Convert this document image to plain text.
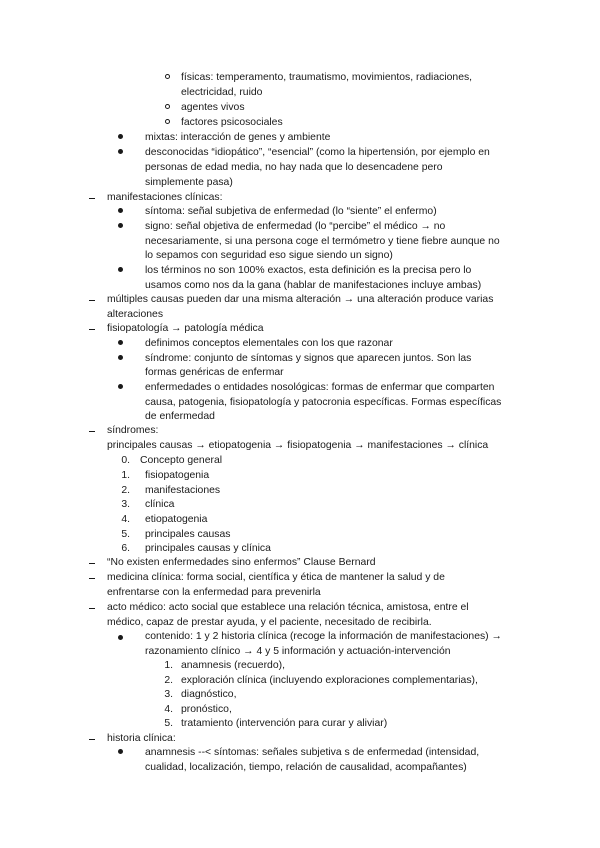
0.
1.
2.
3.
4.
5.
6.
1.
2.
3.
4.
5.
físicas: temperamento, traumatismo, movimientos, radiaciones,
electricidad, ruido
agentes vivos
factores psicosociales
mixtas: interacción de genes y ambiente
desconocidas “idiopático”, “esencial” (como la hipertensión, por ejemplo en
personas de edad media, no hay nada que lo desencadene pero
simplemente pasa)
manifestaciones clínicas:
síntoma: señal subjetiva de enfermedad (lo “siente” el enfermo)
signo: señal objetiva de enfermedad (lo “percibe” el médico → no
necesariamente, si una persona coge el termómetro y tiene fiebre aunque no
lo sepamos con seguridad eso sigue siendo un signo)
los términos no son 100% exactos, esta definición es la precisa pero lo
usamos como nos da la gana (hablar de manifestaciones incluye ambas)
múltiples causas pueden dar una misma alteración → una alteración produce varias
alteraciones
fisiopatología → patología médica
definimos conceptos elementales con los que razonar
síndrome: conjunto de síntomas y signos que aparecen juntos. Son las
formas genéricas de enfermar
enfermedades o entidades nosológicas: formas de enfermar que comparten
causa, patogenia, fisiopatología y patocronia específicas. Formas específicas
de enfermedad
síndromes:
principales causas → etiopatogenia → fisiopatogenia → manifestaciones → clínica
Concepto general
fisiopatogenia
manifestaciones
clínica
etiopatogenia
principales causas
principales causas y clínica
“No existen enfermedades sino enfermos” Clause Bernard
medicina clínica: forma social, científica y ética de mantener la salud y de
enfrentarse con la enfermedad para prevenirla
acto médico: acto social que establece una relación técnica, amistosa, entre el
médico, capaz de prestar ayuda, y el paciente, necesitado de recibirla.
contenido: 1 y 2 historia clínica (recoge la información de manifestaciones) →
razonamiento clínico → 4 y 5 información y actuación-intervención
anamnesis (recuerdo),
exploración clínica (incluyendo exploraciones complementarias),
diagnóstico,
pronóstico,
tratamiento (intervención para curar y aliviar)
historia clínica:
anamnesis --< síntomas: señales subjetiva s de enfermedad (intensidad,
cualidad, localización, tiempo, relación de causalidad, acompañantes)
